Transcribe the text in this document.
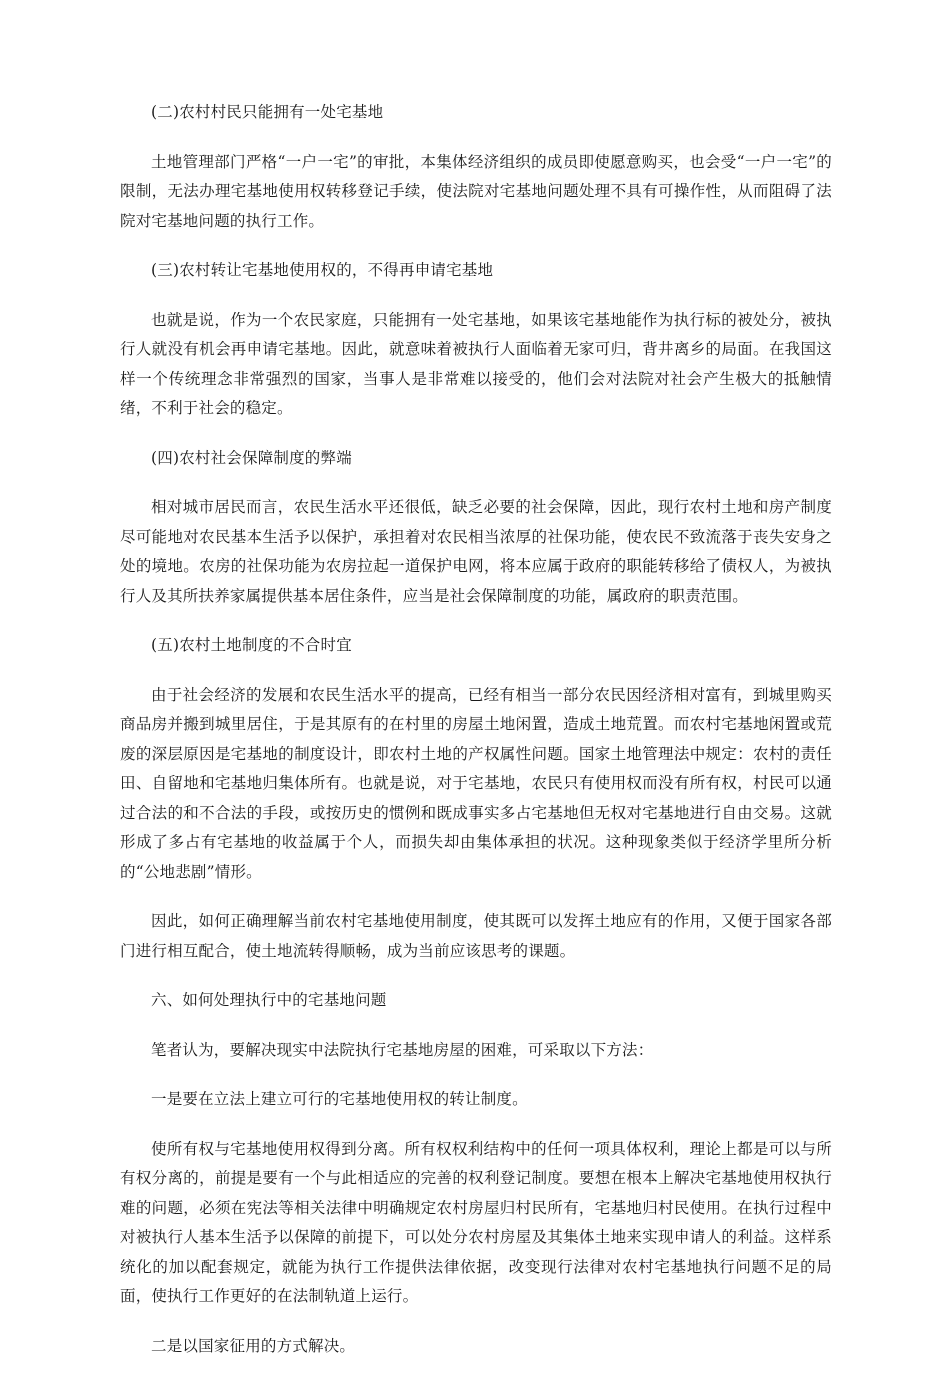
(二)农村村民只能拥有一处宅基地

土地管理部门严格“一户一宅”的审批，本集体经济组织的成员即使愿意购买，也会受“一户一宅”的限制，无法办理宅基地使用权转移登记手续，使法院对宅基地问题处理不具有可操作性，从而阻碍了法院对宅基地问题的执行工作。

(三)农村转让宅基地使用权的，不得再申请宅基地

也就是说，作为一个农民家庭，只能拥有一处宅基地，如果该宅基地能作为执行标的被处分，被执行人就没有机会再申请宅基地。因此，就意味着被执行人面临着无家可归，背井离乡的局面。在我国这样一个传统理念非常强烈的国家，当事人是非常难以接受的，他们会对法院对社会产生极大的抵触情绪，不利于社会的稳定。

(四)农村社会保障制度的弊端

相对城市居民而言，农民生活水平还很低，缺乏必要的社会保障，因此，现行农村土地和房产制度尽可能地对农民基本生活予以保护，承担着对农民相当浓厚的社保功能，使农民不致流落于丧失安身之处的境地。农房的社保功能为农房拉起一道保护电网，将本应属于政府的职能转移给了债权人，为被执行人及其所扶养家属提供基本居住条件，应当是社会保障制度的功能，属政府的职责范围。

(五)农村土地制度的不合时宜

由于社会经济的发展和农民生活水平的提高，已经有相当一部分农民因经济相对富有，到城里购买商品房并搬到城里居住，于是其原有的在村里的房屋土地闲置，造成土地荒置。而农村宅基地闲置或荒废的深层原因是宅基地的制度设计，即农村土地的产权属性问题。国家土地管理法中规定：农村的责任田、自留地和宅基地归集体所有。也就是说，对于宅基地，农民只有使用权而没有所有权，村民可以通过合法的和不合法的手段，或按历史的惯例和既成事实多占宅基地但无权对宅基地进行自由交易。这就形成了多占有宅基地的收益属于个人，而损失却由集体承担的状况。这种现象类似于经济学里所分析的“公地悲剧”情形。

因此，如何正确理解当前农村宅基地使用制度，使其既可以发挥土地应有的作用，又便于国家各部门进行相互配合，使土地流转得顺畅，成为当前应该思考的课题。

六、如何处理执行中的宅基地问题

笔者认为，要解决现实中法院执行宅基地房屋的困难，可采取以下方法：

一是要在立法上建立可行的宅基地使用权的转让制度。

使所有权与宅基地使用权得到分离。所有权权利结构中的任何一项具体权利，理论上都是可以与所有权分离的，前提是要有一个与此相适应的完善的权利登记制度。要想在根本上解决宅基地使用权执行难的问题，必须在宪法等相关法律中明确规定农村房屋归村民所有，宅基地归村民使用。在执行过程中对被执行人基本生活予以保障的前提下，可以处分农村房屋及其集体土地来实现申请人的利益。这样系统化的加以配套规定，就能为执行工作提供法律依据，改变现行法律对农村宅基地执行问题不足的局面，使执行工作更好的在法制轨道上运行。

二是以国家征用的方式解决。
